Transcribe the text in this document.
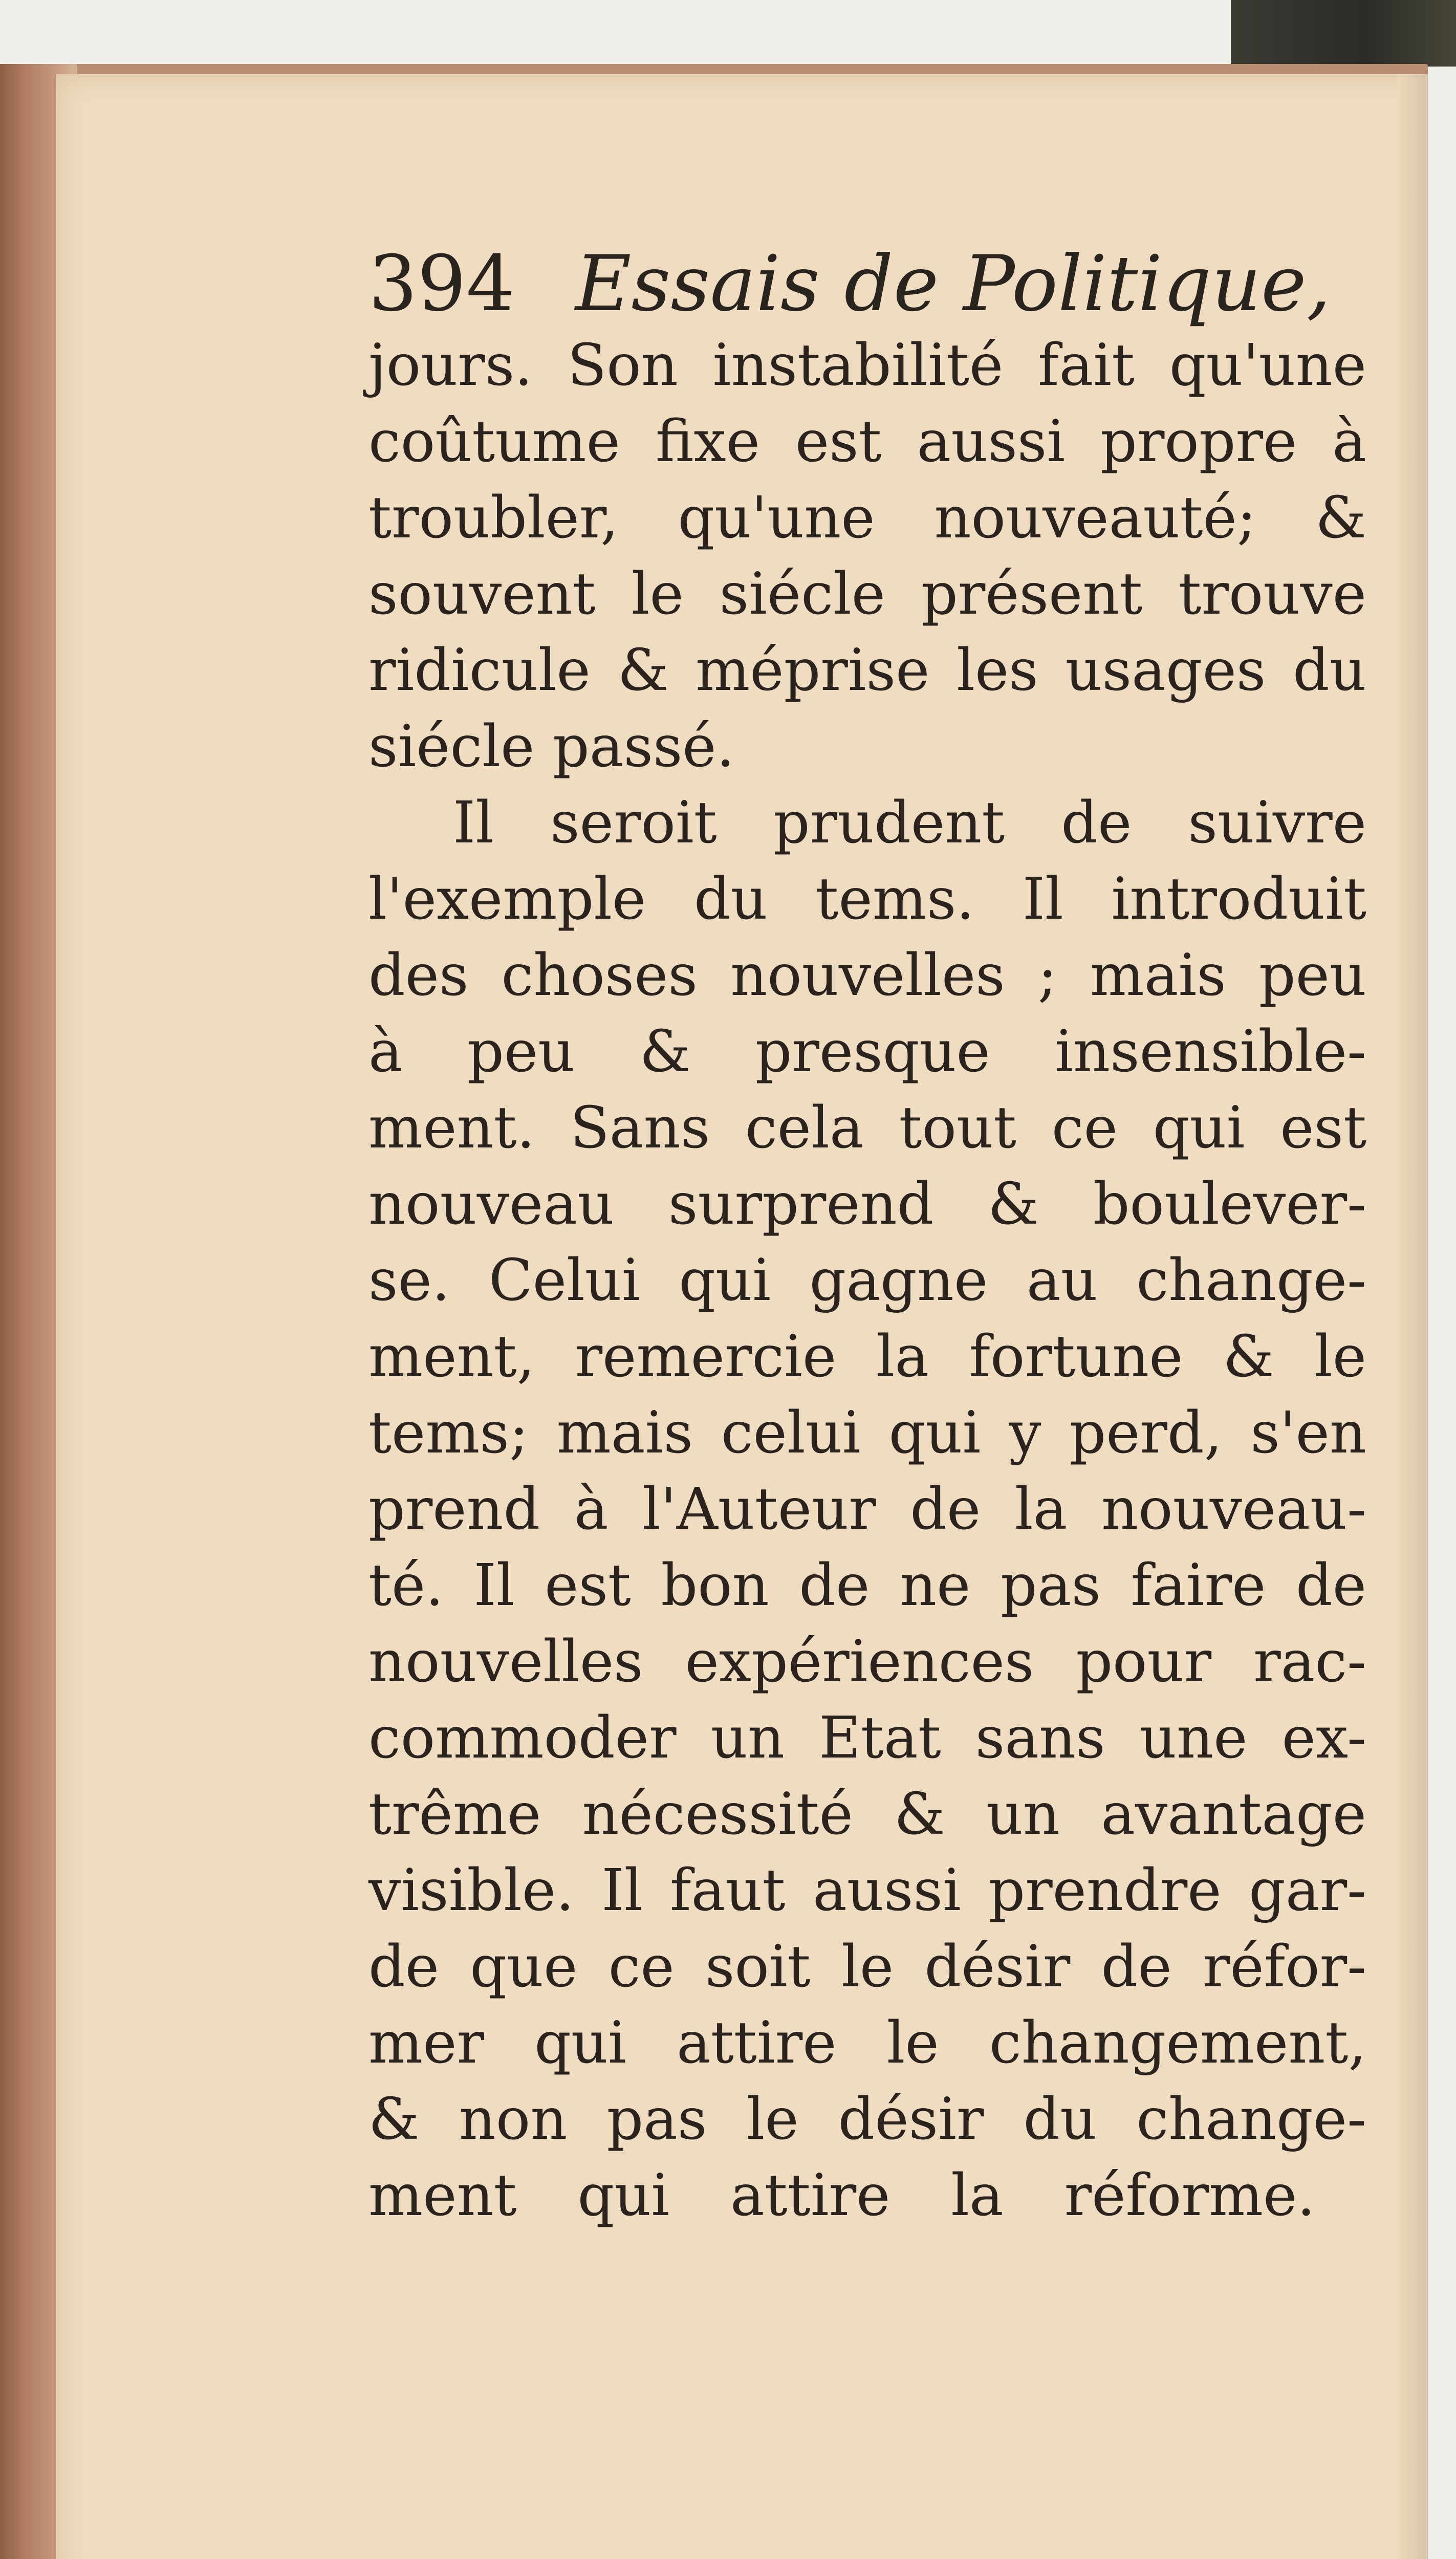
394 Essais de Politique,
jours. Son instabilité fait qu'une
coûtume fixe est aussi propre à
troubler, qu'une nouveauté; &
souvent le siécle présent trouve
ridicule & méprise les usages du
siécle passé.
Il seroit prudent de suivre
l'exemple du tems. Il introduit
des choses nouvelles ; mais peu
à peu & presque insensible-
ment. Sans cela tout ce qui est
nouveau surprend & boulever-
se. Celui qui gagne au change-
ment, remercie la fortune & le
tems; mais celui qui y perd, s'en
prend à l'Auteur de la nouveau-
té. Il est bon de ne pas faire de
nouvelles expériences pour rac-
commoder un Etat sans une ex-
trême nécessité & un avantage
visible. Il faut aussi prendre gar-
de que ce soit le désir de réfor-
mer qui attire le changement,
& non pas le désir du change-
ment qui attire la réforme.
